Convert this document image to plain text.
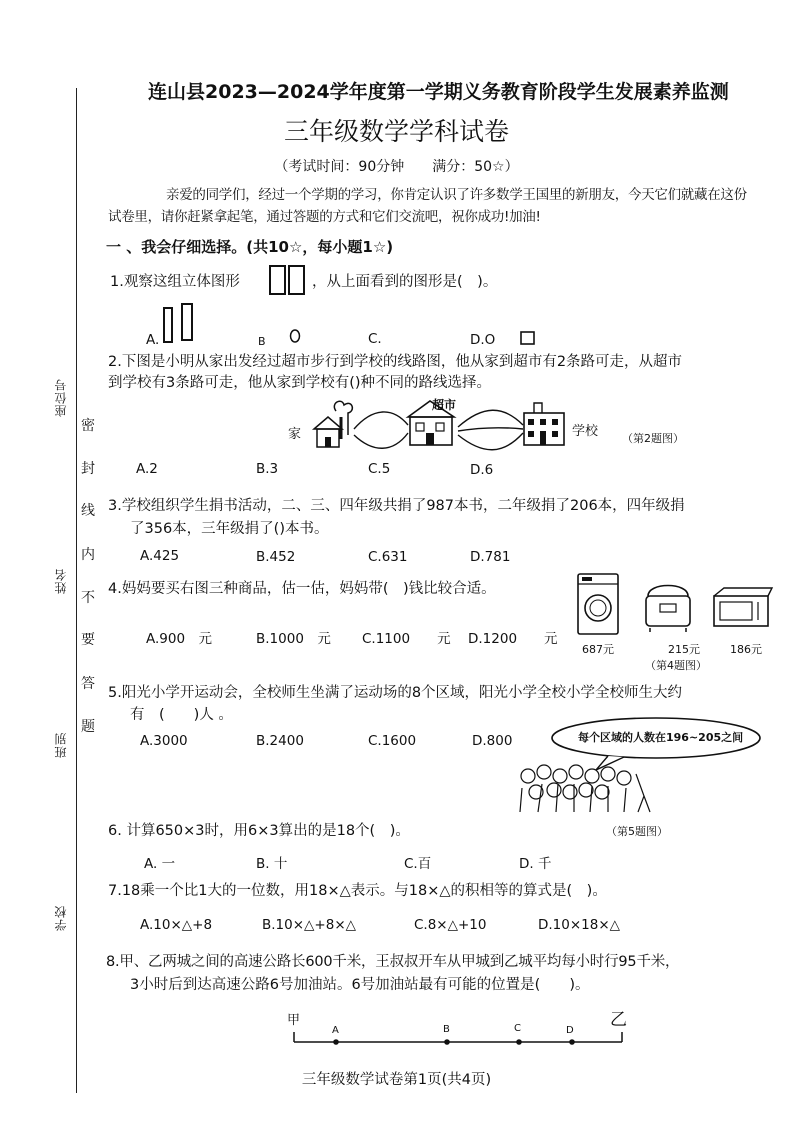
座位号
姓名
班别
学校
密
封
线
内
不
要
答
题
连山县2023—2024学年度第一学期义务教育阶段学生发展素养监测
三年级数学学科试卷
（考试时间：90分钟　　满分：50☆）
亲爱的同学们，经过一个学期的学习，你肯定认识了许多数学王国里的新朋友，今天它们就藏在这份
试卷里，请你赶紧拿起笔，通过答题的方式和它们交流吧，祝你成功!加油!
一 、我会仔细选择。(共10☆，每小题1☆)
1.观察这组立体图形	，从上面看到的图形是(　)。
A.	B	C.	D.O
2.下图是小明从家出发经过超市步行到学校的线路图，他从家到超市有2条路可走，从超市
到学校有3条路可走，他从家到学校有()种不同的路线选择。
家
超市
学校 （第2题图）
A.2	B.3	C.5	D.6
3.学校组织学生捐书活动，二、三、四年级共捐了987本书，二年级捐了206本，四年级捐
了356本，三年级捐了()本书。
A.425	B.452	C.631	D.781
4.妈妈要买右图三种商品，估一估，妈妈带(　)钱比较合适。
A.900　元	B.1000　元 C.1100　　元 D.1200　　元
687元	215元	186元
（第4题图）
5.阳光小学开运动会，全校师生坐满了运动场的8个区域，阳光小学全校小学全校师生大约
有　(　　)人 。
A.3000	B.2400	C.1600	D.800	每个区域的人数在196~205之间
（第5题图）
6. 计算650×3时，用6×3算出的是18个(　)。
A. 一	B. 十	C.百	D. 千
7.18乘一个比1大的一位数，用18×△表示。与18×△的积相等的算式是(　)。
A.10×△+8	B.10×△+8×△	C.8×△+10	D.10×18×△
8.甲、乙两城之间的高速公路长600千米，王叔叔开车从甲城到乙城平均每小时行95千米，
3小时后到达高速公路6号加油站。6号加油站最有可能的位置是(　　)。
甲	乙
A	B	C	D
三年级数学试卷第1页(共4页)
